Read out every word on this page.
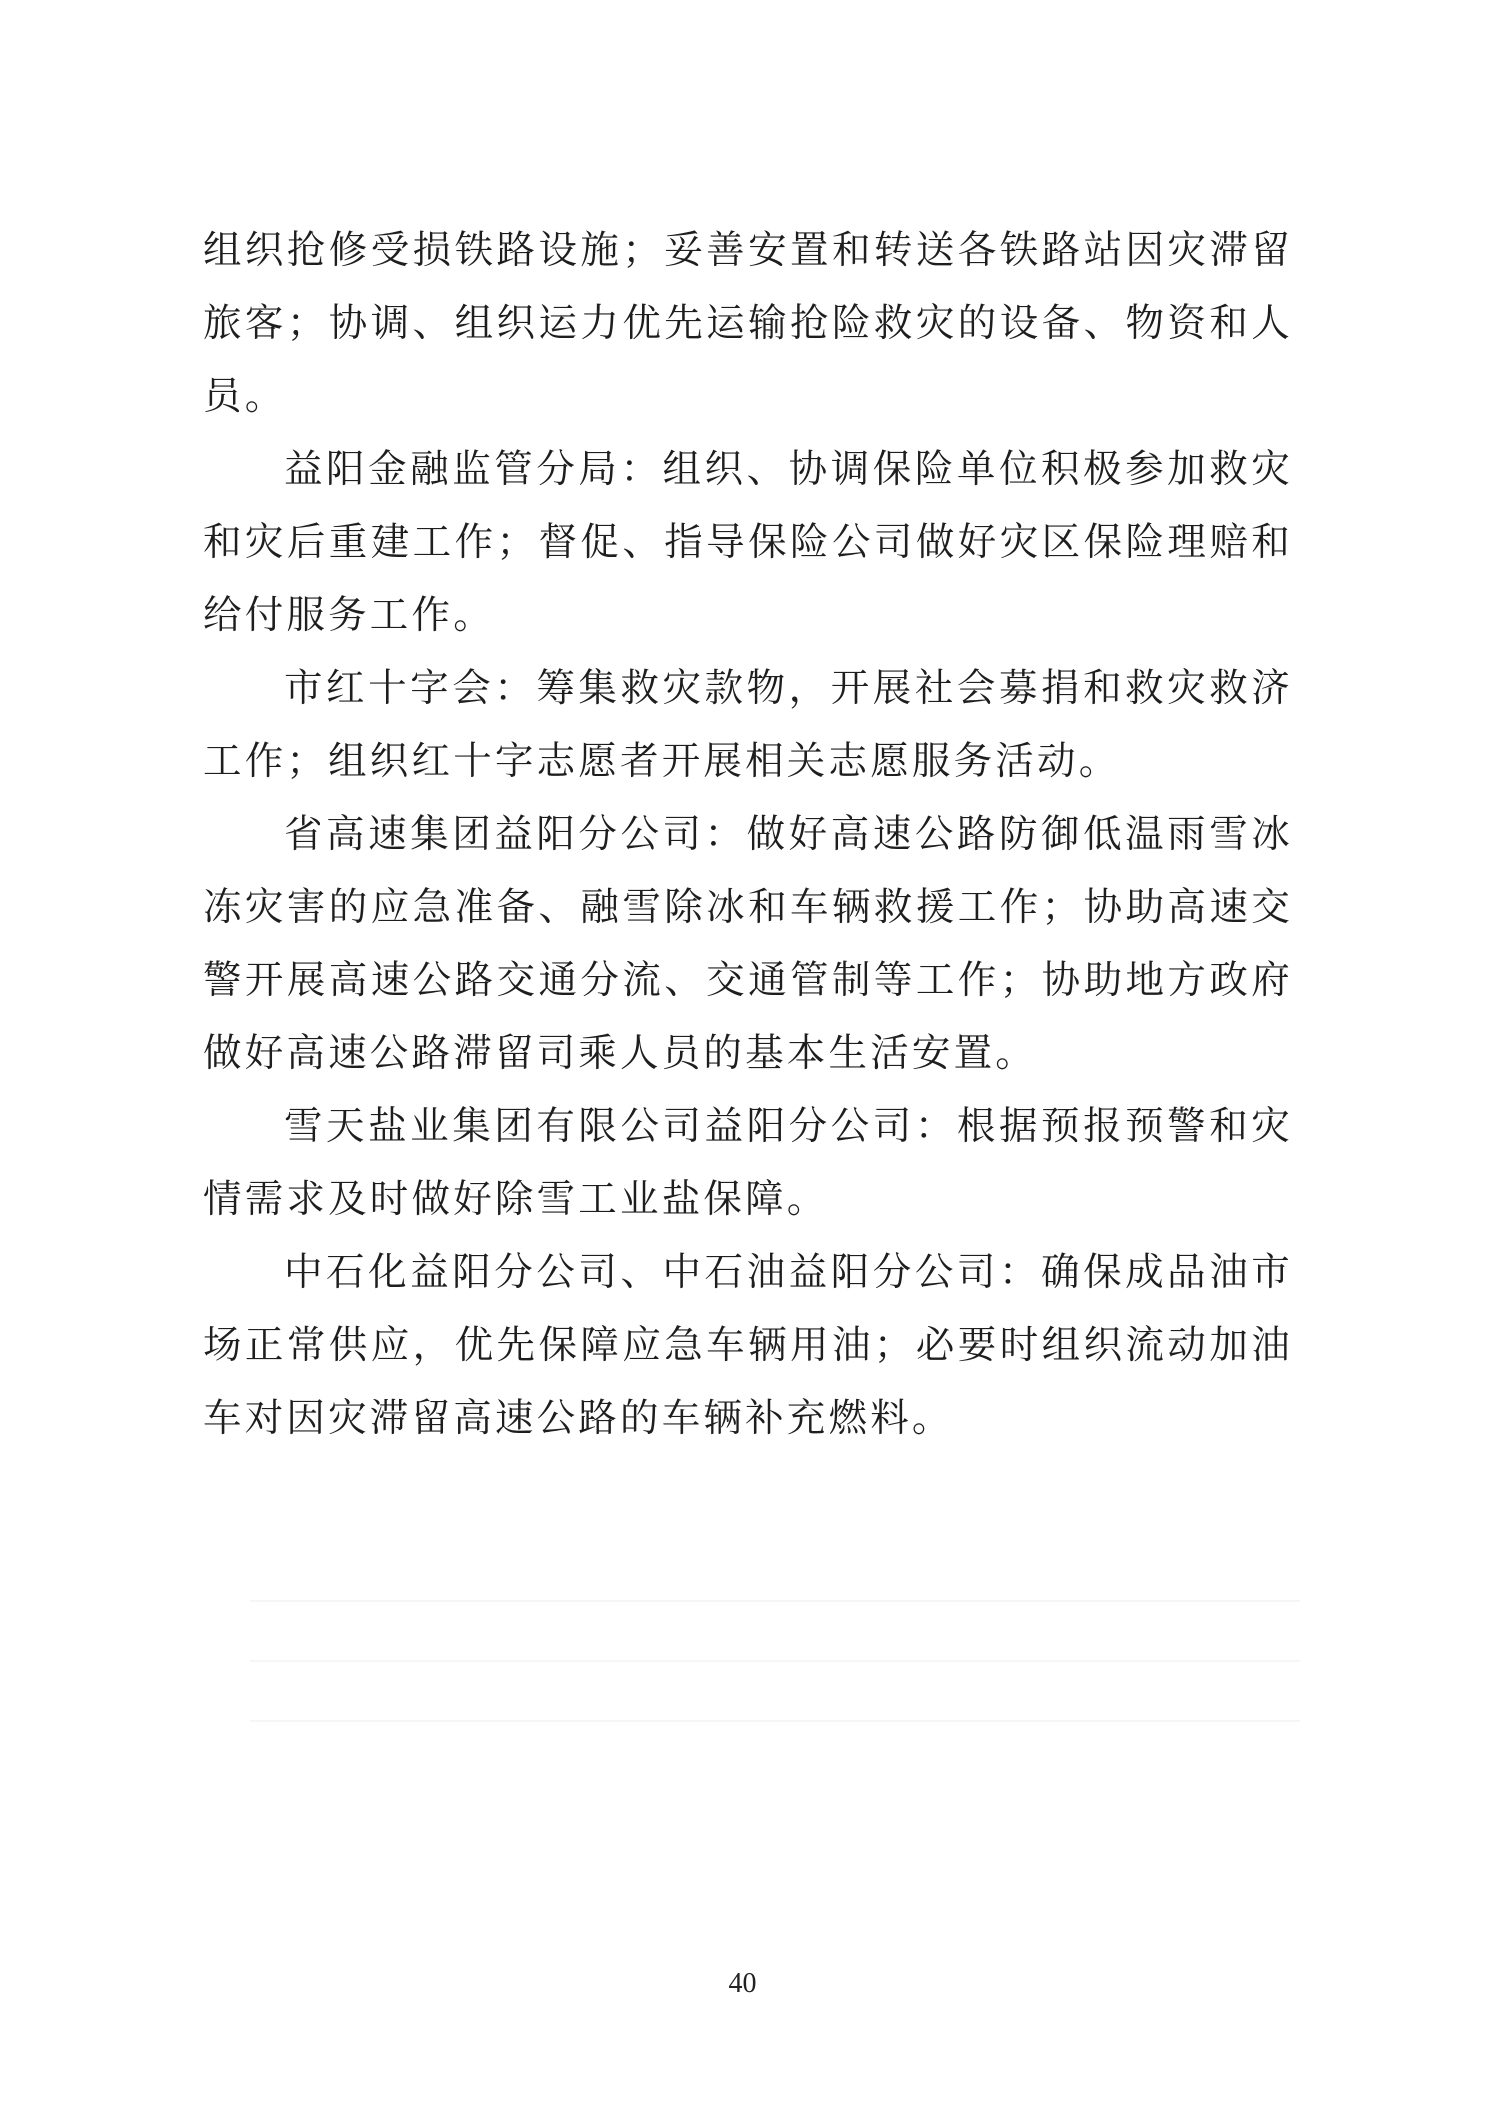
组织抢修受损铁路设施；妥善安置和转送各铁路站因灾滞留旅客；协调、组织运力优先运输抢险救灾的设备、物资和人员。

益阳金融监管分局：组织、协调保险单位积极参加救灾和灾后重建工作；督促、指导保险公司做好灾区保险理赔和给付服务工作。

市红十字会：筹集救灾款物，开展社会募捐和救灾救济工作；组织红十字志愿者开展相关志愿服务活动。

省高速集团益阳分公司：做好高速公路防御低温雨雪冰冻灾害的应急准备、融雪除冰和车辆救援工作；协助高速交警开展高速公路交通分流、交通管制等工作；协助地方政府做好高速公路滞留司乘人员的基本生活安置。

雪天盐业集团有限公司益阳分公司：根据预报预警和灾情需求及时做好除雪工业盐保障。

中石化益阳分公司、中石油益阳分公司：确保成品油市场正常供应，优先保障应急车辆用油；必要时组织流动加油车对因灾滞留高速公路的车辆补充燃料。

40
